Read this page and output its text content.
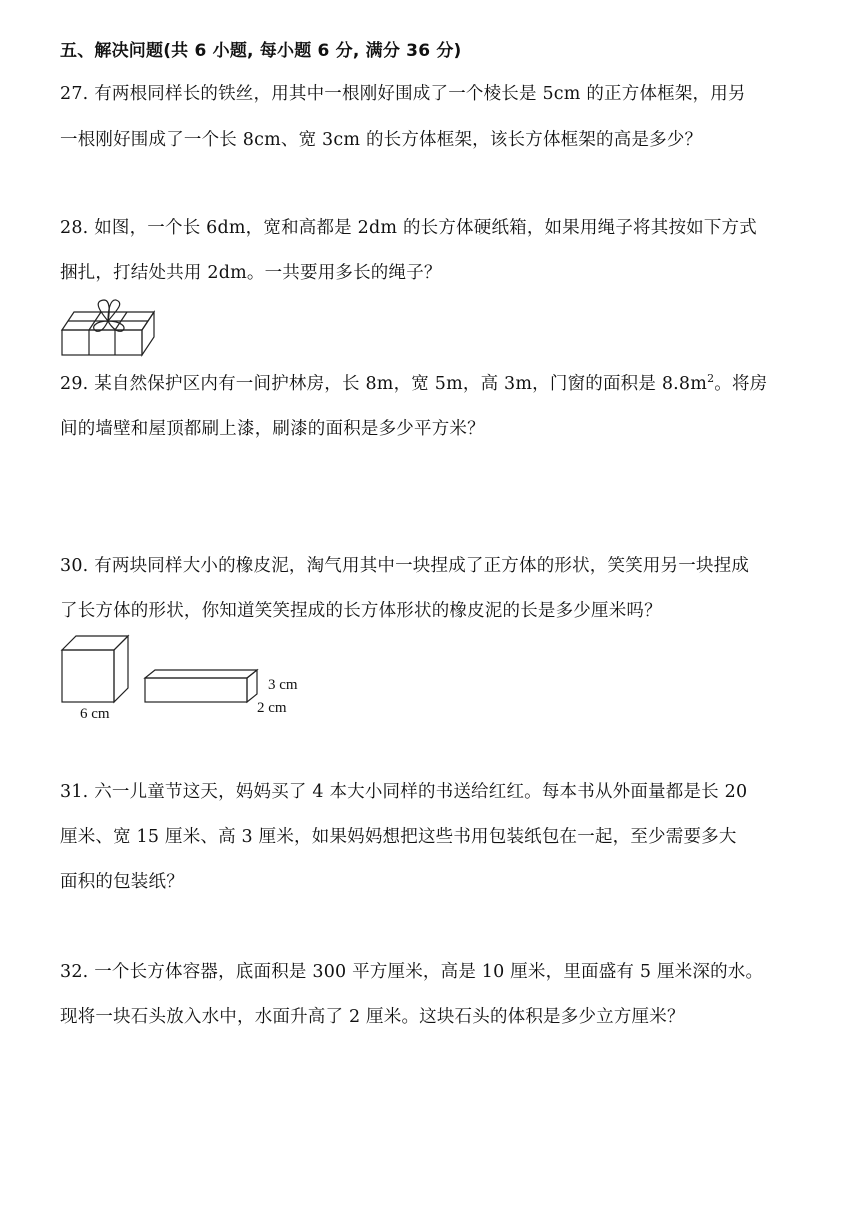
五、解决问题(共 6 小题, 每小题 6 分, 满分 36 分)
27. 有两根同样长的铁丝，用其中一根刚好围成了一个棱长是 5cm 的正方体框架，用另
一根刚好围成了一个长 8cm、宽 3cm 的长方体框架，该长方体框架的高是多少？
28. 如图，一个长 6dm，宽和高都是 2dm 的长方体硬纸箱，如果用绳子将其按如下方式
捆扎，打结处共用 2dm。一共要用多长的绳子？
29. 某自然保护区内有一间护林房，长 8m，宽 5m，高 3m，门窗的面积是 $8.8m^2$。将房
间的墙壁和屋顶都刷上漆，刷漆的面积是多少平方米？
30. 有两块同样大小的橡皮泥，淘气用其中一块捏成了正方体的形状，笑笑用另一块捏成
了长方体的形状，你知道笑笑捏成的长方体形状的橡皮泥的长是多少厘米吗？
6 cm
3 cm
2 cm
31. 六一儿童节这天，妈妈买了 4 本大小同样的书送给红红。每本书从外面量都是长 20
厘米、宽 15 厘米、高 3 厘米，如果妈妈想把这些书用包装纸包在一起，至少需要多大
面积的包装纸？
32. 一个长方体容器，底面积是 300 平方厘米，高是 10 厘米，里面盛有 5 厘米深的水。
现将一块石头放入水中，水面升高了 2 厘米。这块石头的体积是多少立方厘米？
